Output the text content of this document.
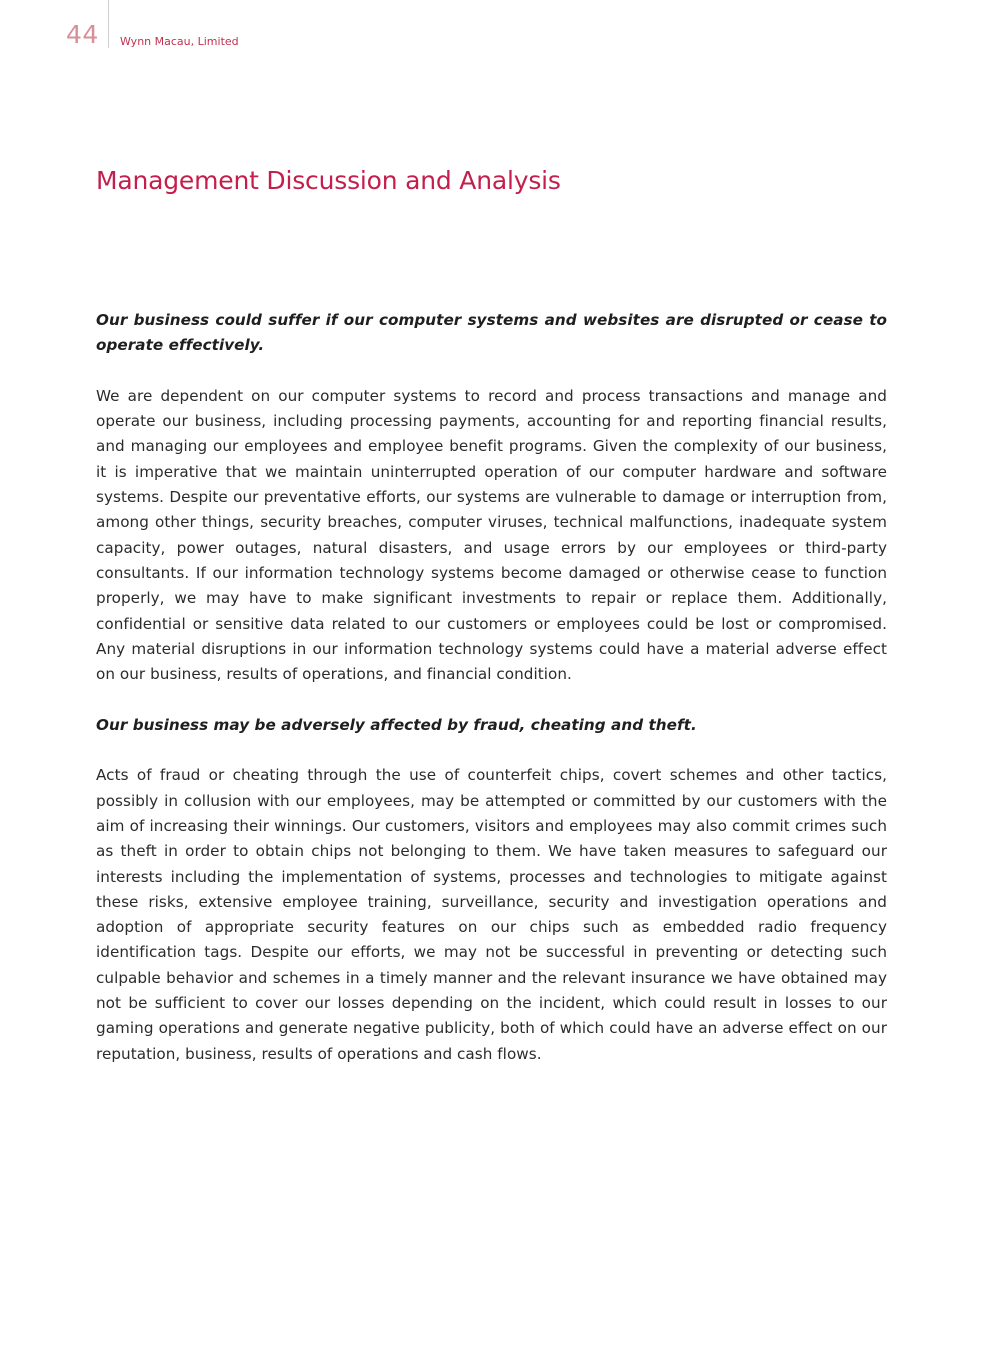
44 Wynn Macau, Limited
Management Discussion and Analysis
Our business could suffer if our computer systems and websites are disrupted or cease to operate effectively.

We are dependent on our computer systems to record and process transactions and manage and operate our business, including processing payments, accounting for and reporting financial results, and managing our employees and employee benefit programs. Given the complexity of our business, it is imperative that we maintain uninterrupted operation of our computer hardware and software systems. Despite our preventative efforts, our systems are vulnerable to damage or interruption from, among other things, security breaches, computer viruses, technical malfunctions, inadequate system capacity, power outages, natural disasters, and usage errors by our employees or third-party consultants. If our information technology systems become damaged or otherwise cease to function properly, we may have to make significant investments to repair or replace them. Additionally, confidential or sensitive data related to our customers or employees could be lost or compromised. Any material disruptions in our information technology systems could have a material adverse effect on our business, results of operations, and financial condition.

Our business may be adversely affected by fraud, cheating and theft.

Acts of fraud or cheating through the use of counterfeit chips, covert schemes and other tactics, possibly in collusion with our employees, may be attempted or committed by our customers with the aim of increasing their winnings. Our customers, visitors and employees may also commit crimes such as theft in order to obtain chips not belonging to them. We have taken measures to safeguard our interests including the implementation of systems, processes and technologies to mitigate against these risks, extensive employee training, surveillance, security and investigation operations and adoption of appropriate security features on our chips such as embedded radio frequency identification tags. Despite our efforts, we may not be successful in preventing or detecting such culpable behavior and schemes in a timely manner and the relevant insurance we have obtained may not be sufficient to cover our losses depending on the incident, which could result in losses to our gaming operations and generate negative publicity, both of which could have an adverse effect on our reputation, business, results of operations and cash flows.
